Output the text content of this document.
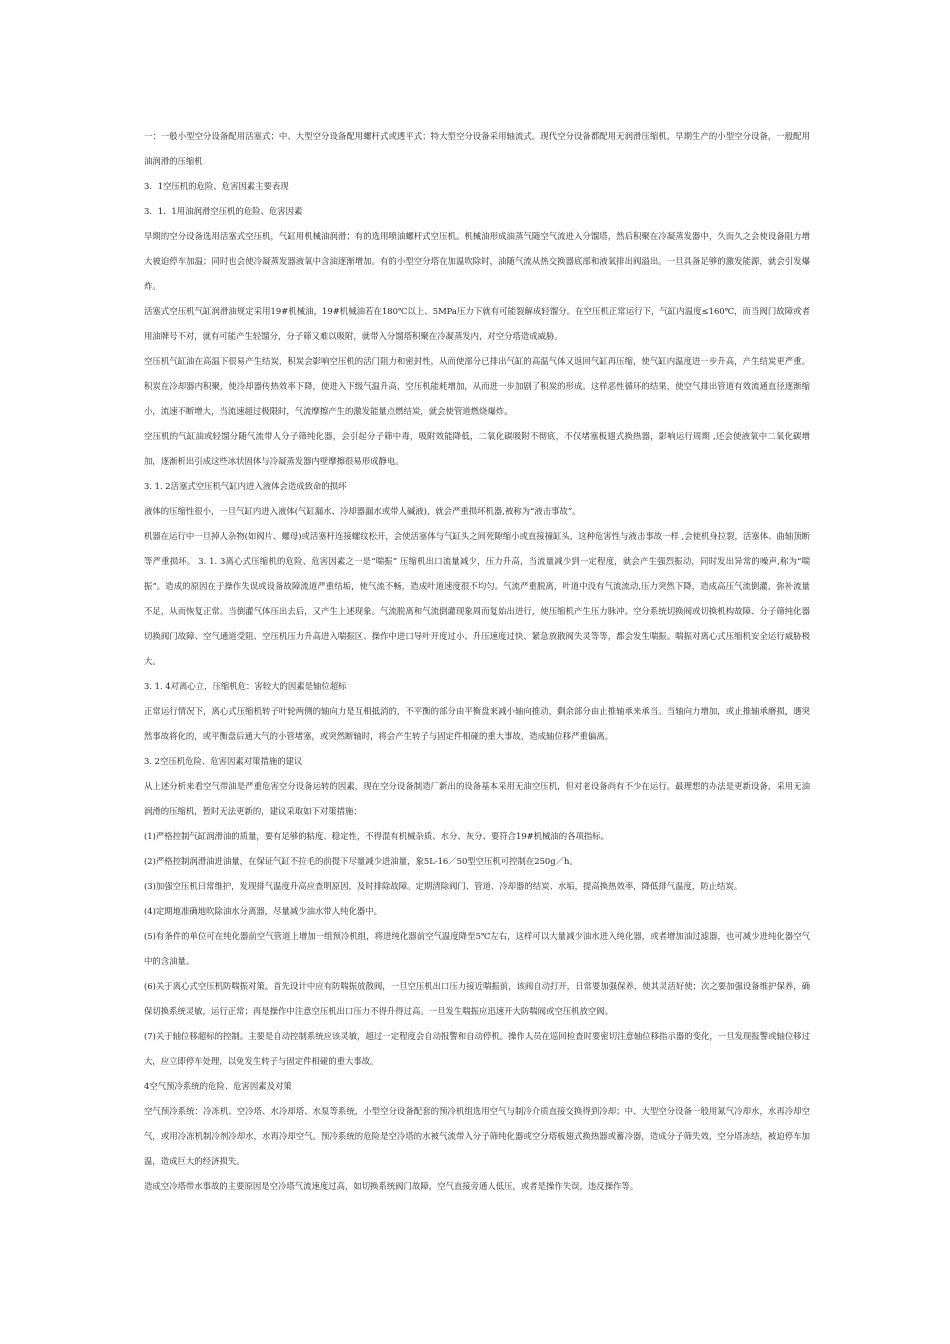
一：一般小型空分设备配用活塞式；中、大型空分设备配用螺杆式或透平式；特大型空分设备采用轴流式。现代空分设备都配用无润滑压缩机，早期生产的小型空分设备，一般配用油润滑的压缩机

3．1空压机的危险、危害因素主要表现

3．1．1用油润滑空压机的危险、危害因素

早期的空分设备选用活塞式空压机，气缸用机械油润滑；有的选用喷油螺杆式空压机。机械油形成油蒸气随空气流进入分馏塔，然后积聚在冷凝蒸发器中，久而久之会使设备阻力增大被迫停车加温；同时也会使冷凝蒸发器液氧中含油逐渐增加。有的小型空分塔在加温吹除时，油随气流从热交换器底部和液氧排出阀溢出。一旦具备足够的激发能源，就会引发爆炸。

活塞式空压机气缸润滑油规定采用19#机械油，19#机械油若在180℃以上、5MPa压力下就有可能裂解成轻馏分。在空压机正常运行下，气缸内温度≤160℃，而当阀门故障或者用油牌号不对，就有可能产生轻馏分，分子筛又难以吸附，就带入分馏塔积聚在冷凝蒸发内，对空分塔造成威胁。

空压机气缸油在高温下很易产生结炭，积炭会影响空压机的活门阻力和密封性，从而使部分已排出气缸的高温气体又返回气缸再压缩，使气缸内温度进一步升高，产生结炭更严重。积炭在冷却器内积聚，使冷却器传热效率下降，使进入下级气温升高，空压机能耗增加，从而进一步加剧了积炭的形成。这样恶性循环的结果，使空气排出管道有效流通直径逐渐缩小，流速不断增大，当流速超过极限时，气流摩擦产生的激发能量点燃结炭，就会使管道燃烧爆炸。

空压机的气缸油或轻馏分随气流带人分子筛纯化器，会引起分子筛中毒，吸附效能降低，二氧化碳吸附不彻底，不仅堵塞板翅式换热器，影响运行周期 ,还会使液氧中二氧化碳增加，逐渐析出引成这些冰状固体与冷凝蒸发器内壁摩擦很易形成静电。

3. 1. 2活塞式空压机气缸内进入液体会造成致命的损坏

液体的压缩性很小，一旦气缸内进入液体(气缸漏水、冷却器漏水或带人碱液)，就会严重损坏机器,被称为“液击事故”。

机器在运行中一旦掉人杂物(如阀片、螺母)或活塞杆连接螺纹松开，会使活塞体与气缸头之间死隙缩小或直接撞缸头，这种危害性与液击事故一样 ,会使机身拉裂，活塞体、曲轴顶断等严重损坏。 3. 1. 3离心式压缩机的危险、危害因素之一是“喘振” 压缩机出口流量减少，压力升高，当流量减少到一定程度，就会产生强烈振动，同时发出异常的噪声,称为“喘振”。造成的原因在于操作失误或设备故障流道严重结垢，使气流不畅，造成叶道速度很不均匀。气流严重脱离，叶道中没有气流流动,压力突然下降，造成高压气流倒灌，弥补流量不足，从而恢复正常。当倒灌气体压出去后，又产生上述现象。气流脱离和气流倒灌现象周而复始出进行，使压缩机产生压力脉冲。空分系统切换阀或切换机构故障、分子筛纯化器切换阀门故障、空气通道受阻、空压机压力升高进入喘振区、操作中进口导叶开度过小、升压速度过快、紧急放散阀失灵等等，都会发生喘振。喘振对离心式压缩机安全运行威胁极大。

3. 1. 4对离心立，压缩机危：害较大的因素是轴位超标

正常运行情况下，离心式压缩机转子叶轮两侧的轴向力是互相抵消的，不平衡的部分由平衡盘来减小轴向推动，剩余部分由止推轴承来承当。当轴向力增加，或止推轴承磨损，遇突然事故将化的，或平衡盘后通大气的小管堵塞，或突然断轴时，将会产生转子与固定件相碰的重大事故，造成轴位移严重偏离。

3. 2空压机危险、危害因素对策措施的建议

从上述分析来看空气带油是严重危害空分设备运转的因素，现在空分设备制造厂新出的设备基本采用无油空压机，但对老设备尚有不少在运行。最理想的办法是更新设备，采用无油润滑的压缩机，暂时无法更新的，建议采取如下对策措施：

(1)严格控制气缸润滑油的质量，要有足够的粘度、稳定性，不得混有机械杂质、水分、灰分、要符合19#机械油的各项指标。

(2)严格控制润滑油进油量，在保证气缸不拉毛的前提下尽量减少进油量，象5L-16／50型空压机可控制在250g／h。

(3)加强空压机日常维护，发现排气温度升高应查明原因，及时排除故障。定期清除阀门、管道、冷却器的结炭、水垢，提高换热效率，降低排气温度，防止结炭。

(4)定期地准确地吹除油水分离器，尽量减少油水带人纯化器中。

(5)有条件的单位可在纯化器前空气管道上增加一组预冷机组，将进纯化器前空气温度降至5℃左右，这样可以大量减少油水进入纯化器，或者增加油过滤器，也可减少进纯化器空气中的含油量。

(6)关于离心式空压机防喘振对策。首先设计中应有防喘振放散阀，一旦空压机出口压力接近喘振前，该阀自动打开，日常要加强保养，使其灵活好使；次之要加强设备维护保养，确保切换系统灵敏，运行正常；再是操作中注意空压机出口压力不得升得过高。一旦发生喘振应迅速开大防喘阀或空压机放空阀。

(7)关于轴位移超标的控制。主要是自动控制系统应该灵敏，超过一定程度会自动报警和自动停机。操作人员在巡回检查时要密切注意轴位移指示器的变化，一旦发现报警或轴位移过大，应立即停车处理，以免发生转子与固定件相碰的重大事故。

4空气预冷系统的危险、危害因素及对策

空气预冷系统：冷冻机、空冷塔、水冷却塔、水泵等系统，小型空分设备配套的预冷机组选用空气与制冷介质直接交换得到冷却；中、大型空分设备一般用氮气冷却水，水再冷却空气，或用冷冻机制冷剂冷却水，水再冷却空气。预冷系统的危险是空冷塔的水被气流带入分子筛纯化器或空分塔板翅式换热器或蓄冷器，造成分子筛失效，空分塔冻结，被迫停车加温，造成巨大的经济损失。

造成空冷塔带水事故的主要原因是空冷塔气流速度过高，如切换系统阀门故障，空气直接旁通人低压，或者是操作失误，违反操作等。
